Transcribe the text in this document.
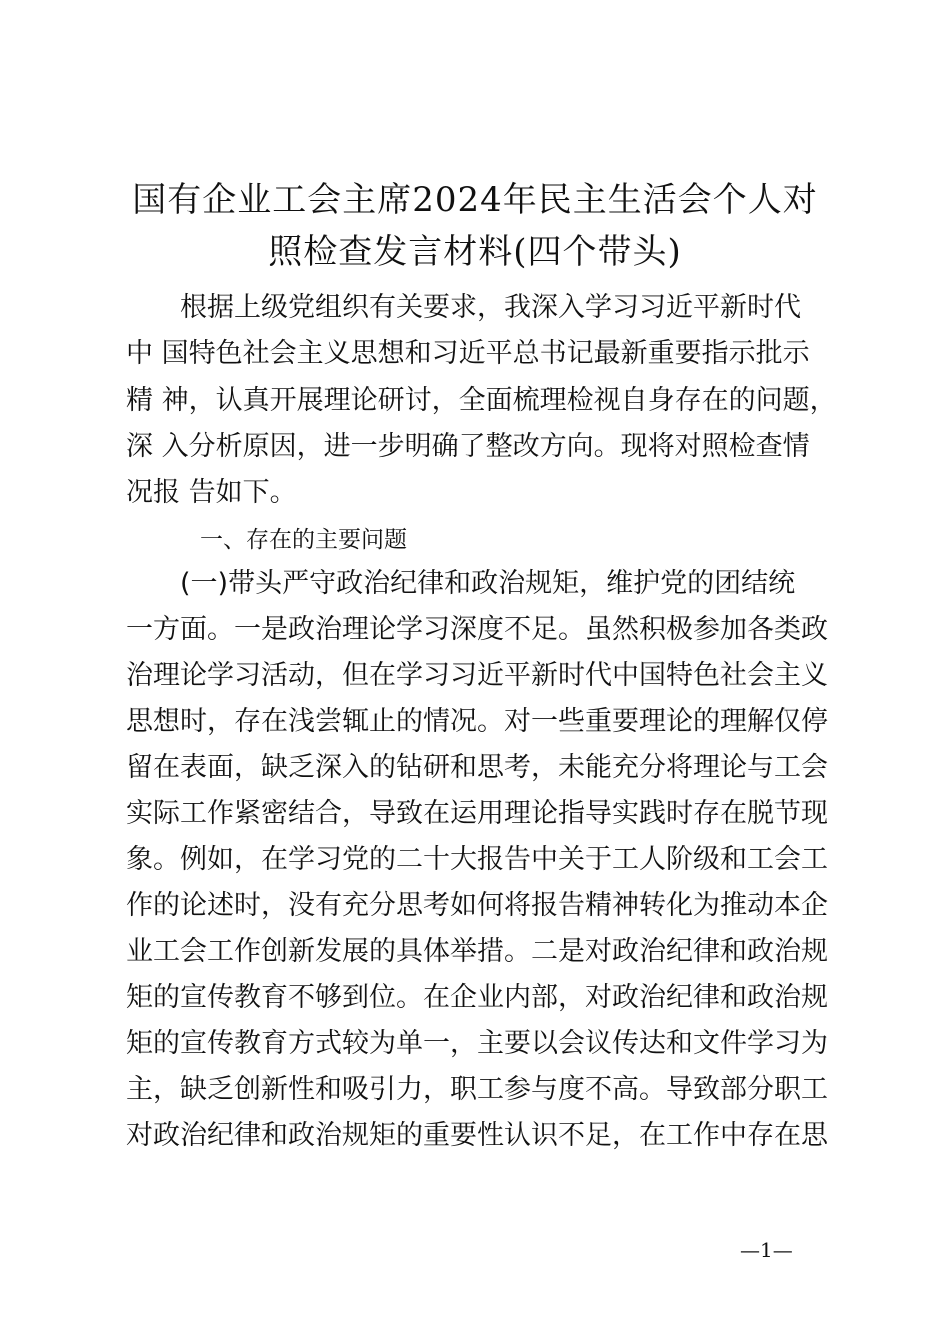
国有企业工会主席2024年民主生活会个人对
照检查发言材料(四个带头)

根据上级党组织有关要求，我深入学习习近平新时代

中 国特色社会主义思想和习近平总书记最新重要指示批示

精 神，认真开展理论研讨，全面梳理检视自身存在的问题，

深 入分析原因，进一步明确了整改方向。现将对照检查情

况报 告如下。

一、存在的主要问题

(一)带头严守政治纪律和政治规矩，维护党的团结统

一方面。一是政治理论学习深度不足。虽然积极参加各类政

治理论学习活动，但在学习习近平新时代中国特色社会主义

思想时，存在浅尝辄止的情况。对一些重要理论的理解仅停

留在表面，缺乏深入的钻研和思考，未能充分将理论与工会

实际工作紧密结合，导致在运用理论指导实践时存在脱节现

象。例如，在学习党的二十大报告中关于工人阶级和工会工

作的论述时，没有充分思考如何将报告精神转化为推动本企

业工会工作创新发展的具体举措。二是对政治纪律和政治规

矩的宣传教育不够到位。在企业内部，对政治纪律和政治规

矩的宣传教育方式较为单一，主要以会议传达和文件学习为

主，缺乏创新性和吸引力，职工参与度不高。导致部分职工

对政治纪律和政治规矩的重要性认识不足，在工作中存在思

—1—
